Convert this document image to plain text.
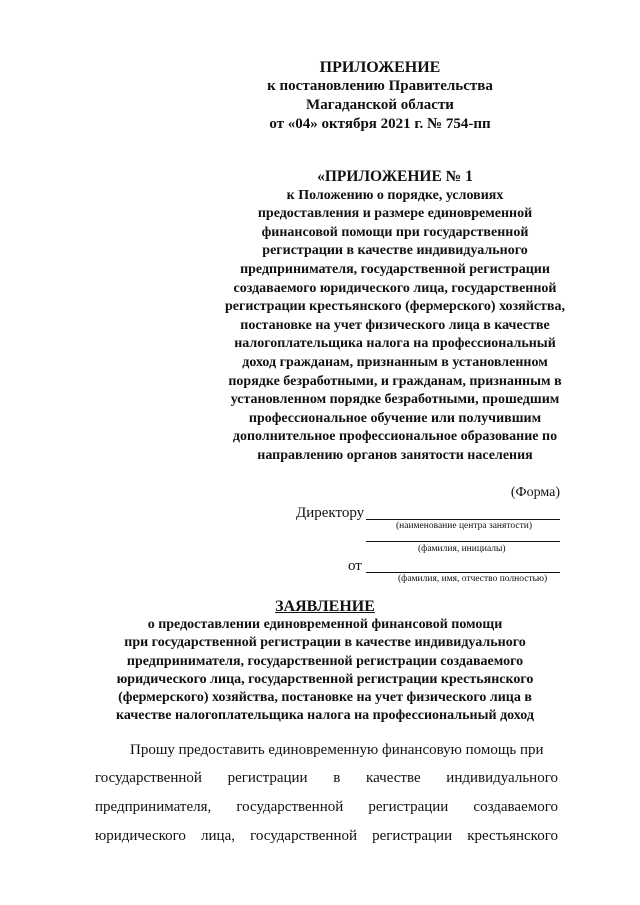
ПРИЛОЖЕНИЕ
к постановлению Правительства
Магаданской области
от «04» октября 2021 г. № 754-пп
«ПРИЛОЖЕНИЕ № 1
к Положению о порядке, условиях
предоставления и размере единовременной
финансовой помощи при государственной
регистрации в качестве индивидуального
предпринимателя, государственной регистрации
создаваемого юридического лица, государственной
регистрации крестьянского (фермерского) хозяйства,
постановке на учет физического лица в качестве
налогоплательщика налога на профессиональный
доход гражданам, признанным в установленном
порядке безработными, и гражданам, признанным в
установленном порядке безработными, прошедшим
профессиональное обучение или получившим
дополнительное профессиональное образование по
направлению органов занятости населения
(Форма)
Директору
(наименование центра занятости)
(фамилия, инициалы)
от
(фамилия, имя, отчество полностью)
ЗАЯВЛЕНИЕ
о предоставлении единовременной финансовой помощи
при государственной регистрации в качестве индивидуального
предпринимателя, государственной регистрации создаваемого
юридического лица, государственной регистрации крестьянского
(фермерского) хозяйства, постановке на учет физического лица в
качестве налогоплательщика налога на профессиональный доход
Прошу предоставить единовременную финансовую помощь при
государственной регистрации в качестве индивидуального
предпринимателя, государственной регистрации создаваемого
юридического лица, государственной регистрации крестьянского
